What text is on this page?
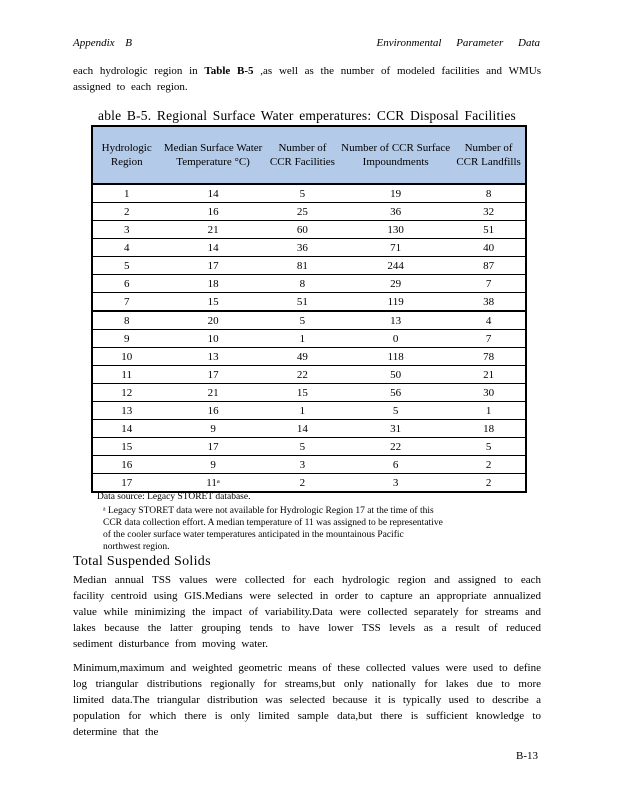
Appendix B	Environmental Parameter Data
each hydrologic region in Table B-5 ,as well as the number of modeled facilities and WMUs assigned to each region.
able B-5. Regional Surface Water emperatures: CCR Disposal Facilities
Hydrologic Region	Median Surface Water Temperature °C)	Number of CCR Facilities	Number of CCR Surface Impoundments	Number of CCR Landfills
1	14	5	19	8
2	16	25	36	32
3	21	60	130	51
4	14	36	71	40
5	17	81	244	87
6	18	8	29	7
7	15	51	119	38
8	20	5	13	4
9	10	1	0	7
10	13	49	118	78
11	17	22	50	21
12	21	15	56	30
13	16	1	5	1
14	9	14	31	18
15	17	5	22	5
16	9	3	6	2
17	11ᵃ	2	3	2
Data source: Legacy STORET database.
ᵃ Legacy STORET data were not available for Hydrologic Region 17 at the time of this CCR data collection effort. A median temperature of 11 was assigned to be representative of the cooler surface water temperatures anticipated in the mountainous Pacific northwest region.
Total Suspended Solids
Median annual TSS values were collected for each hydrologic region and assigned to each facility centroid using GIS.Medians were selected in order to capture an appropriate annualized value while minimizing the impact of variability.Data were collected separately for streams and lakes because the latter grouping tends to have lower TSS levels as a result of reduced sediment disturbance from moving water.
Minimum,maximum and weighted geometric means of these collected values were used to define log triangular distributions regionally for streams,but only nationally for lakes due to more limited data.The triangular distribution was selected because it is typically used to describe a population for which there is only limited sample data,but there is sufficient knowledge to determine that the
B-13
